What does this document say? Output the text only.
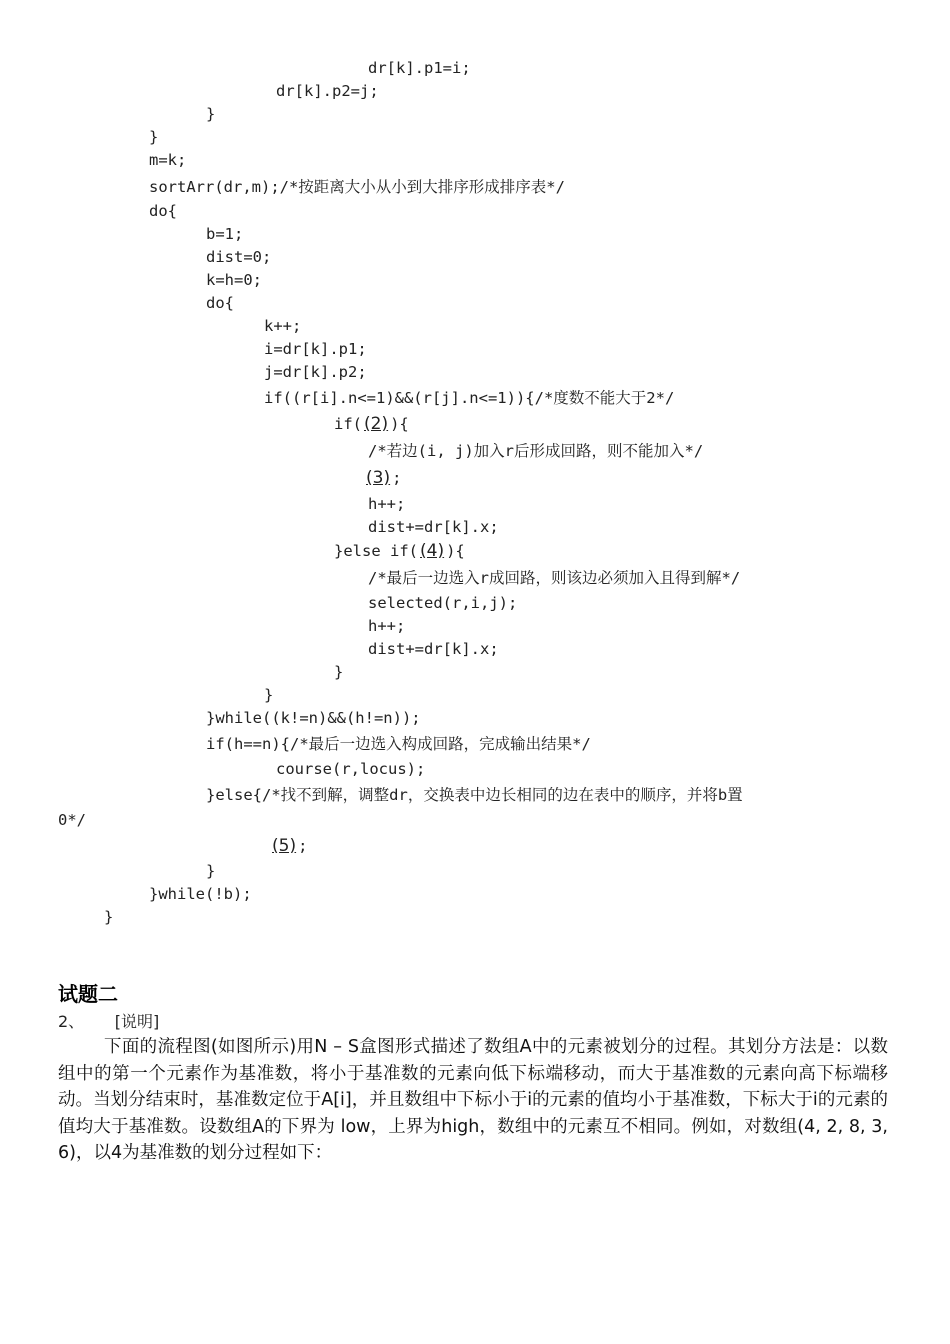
dr[k].p1=i;
dr[k].p2=j;
}
}
m=k;
sortArr(dr,m);/*按距离大小从小到大排序形成排序表*/
do{
b=1;
dist=0;
k=h=0;
do{
k++;
i=dr[k].p1;
j=dr[k].p2;
if((r[i].n<=1)&&(r[j].n<=1)){/*度数不能大于2*/
if( (2) ){
/*若边(i, j)加入r后形成回路，则不能加入*/
(3) ;
h++;
dist+=dr[k].x;
}else if( (4) ){
/*最后一边选入r成回路，则该边必须加入且得到解*/
selected(r,i,j);
h++;
dist+=dr[k].x;
}
}
}while((k!=n)&&(h!=n));
if(h==n){/*最后一边选入构成回路，完成输出结果*/
course(r,locus);
}else{/*找不到解，调整dr，交换表中边长相同的边在表中的顺序，并将b置
0*/
(5) ;
}
}while(!b);
}
试题二
2、 [说明]
下面的流程图(如图所示)用N – S盒图形式描述了数组A中的元素被划分的过程。其划分方法是：以数组中的第一个元素作为基准数，将小于基准数的元素向低下标端移动，而大于基准数的元素向高下标端移动。当划分结束时，基准数定位于A[i]，并且数组中下标小于i的元素的值均小于基准数，下标大于i的元素的值均大于基准数。设数组A的下界为 low，上界为high，数组中的元素互不相同。例如，对数组(4, 2, 8, 3, 6)，以4为基准数的划分过程如下：
